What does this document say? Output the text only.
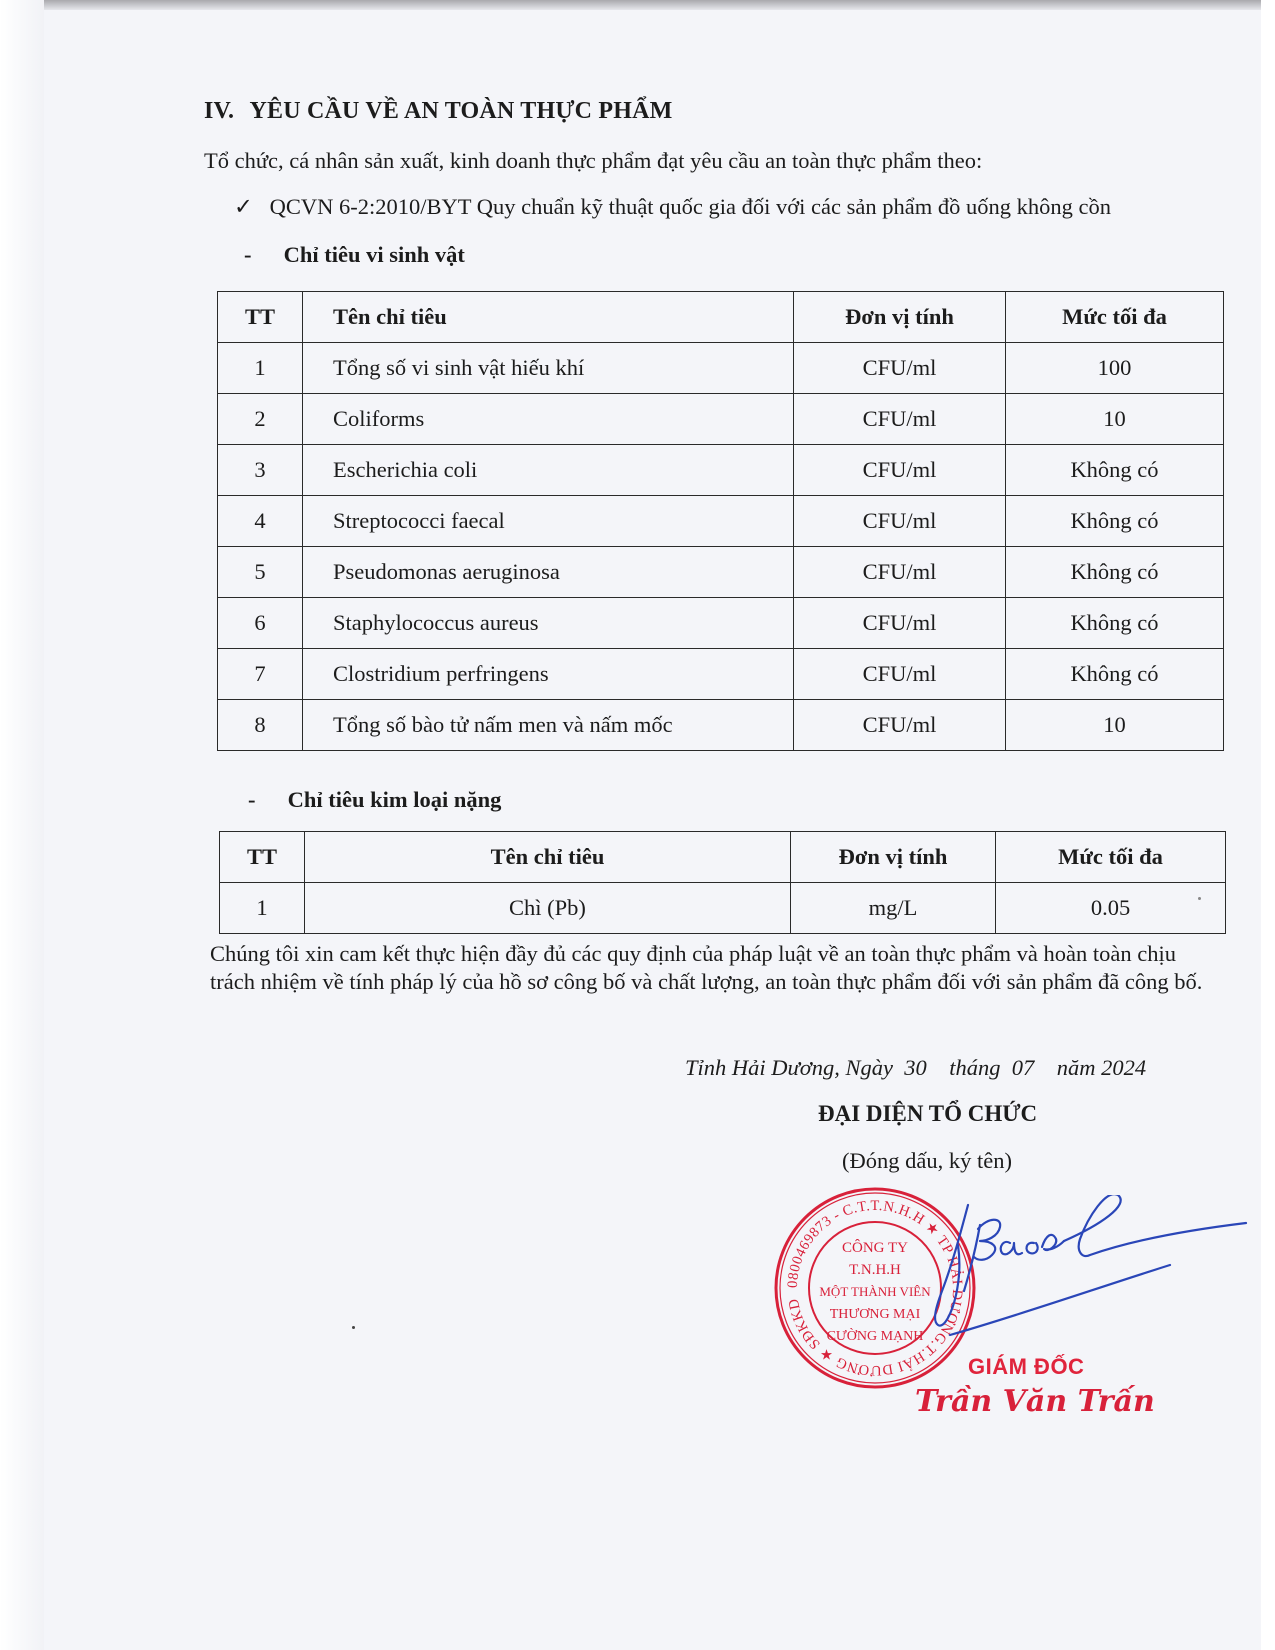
IV. YÊU CẦU VỀ AN TOÀN THỰC PHẨM
Tổ chức, cá nhân sản xuất, kinh doanh thực phẩm đạt yêu cầu an toàn thực phẩm theo:
✓ QCVN 6-2:2010/BYT Quy chuẩn kỹ thuật quốc gia đối với các sản phẩm đồ uống không cồn
- Chỉ tiêu vi sinh vật
TT	Tên chỉ tiêu	Đơn vị tính	Mức tối đa
1	Tổng số vi sinh vật hiếu khí	CFU/ml	100
2	Coliforms	CFU/ml	10
3	Escherichia coli	CFU/ml	Không có
4	Streptococci faecal	CFU/ml	Không có
5	Pseudomonas aeruginosa	CFU/ml	Không có
6	Staphylococcus aureus	CFU/ml	Không có
7	Clostridium perfringens	CFU/ml	Không có
8	Tổng số bào tử nấm men và nấm mốc	CFU/ml	10
- Chỉ tiêu kim loại nặng
TT	Tên chỉ tiêu	Đơn vị tính	Mức tối đa
1	Chì (Pb)	mg/L	0.05
Chúng tôi xin cam kết thực hiện đầy đủ các quy định của pháp luật về an toàn thực phẩm và hoàn toàn chịu trách nhiệm về tính pháp lý của hồ sơ công bố và chất lượng, an toàn thực phẩm đối với sản phẩm đã công bố.
Tỉnh Hải Dương, Ngày  30    tháng  07    năm 2024
ĐẠI DIỆN TỔ CHỨC
(Đóng dấu, ký tên)
0800469873 - C.T.T.N.H.H ★ TP HẢI DƯƠNG.T.HẢI DƯƠNG ★ SĐKKD
CÔNG TY
T.N.H.H
MỘT THÀNH VIÊN
THƯƠNG MẠI
CƯỜNG MẠNH
GIÁM ĐỐC
Trần Văn Trấn
